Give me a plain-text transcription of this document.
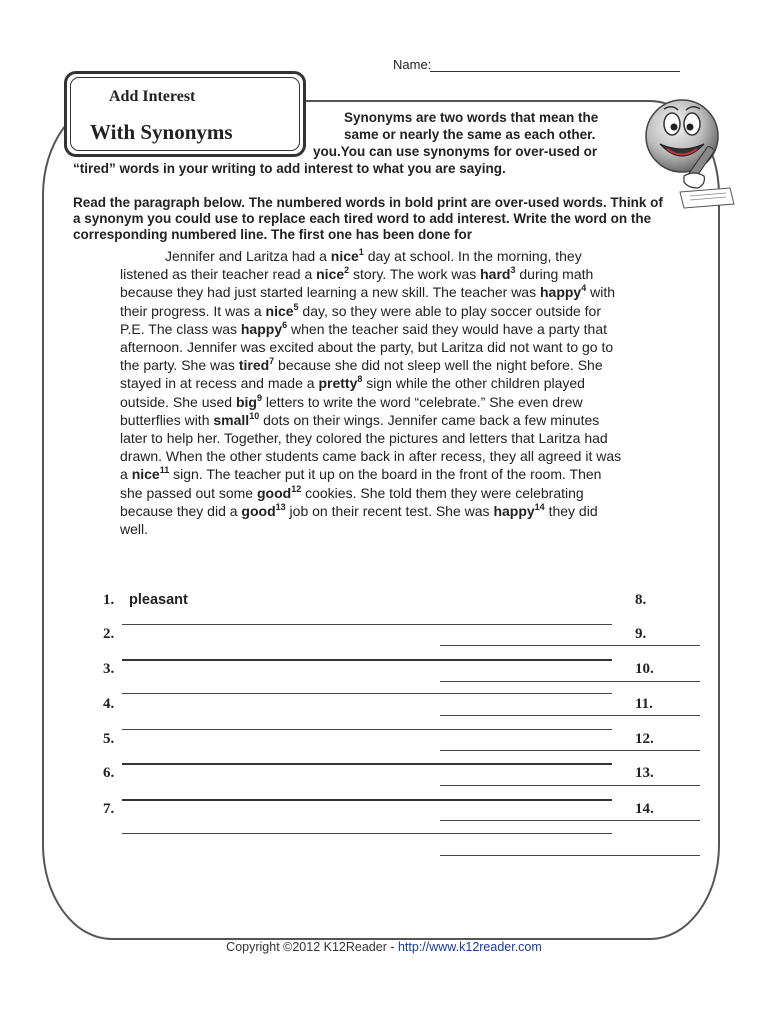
Name:
Add Interest
With Synonyms
Synonyms are two words that mean the
same or nearly the same as each other.
you.You can use synonyms for over-used or
“tired” words in your writing to add interest to what you are saying.
Read the paragraph below. The numbered words in bold print are over-used words. Think of a synonym you could use to replace each tired word to add interest. Write the word on the corresponding numbered line. The first one has been done for
Jennifer and Laritza had a nice$^1$ day at school. In the morning, they
listened as their teacher read a nice$^2$ story. The work was hard$^3$ during math
because they had just started learning a new skill. The teacher was happy$^4$ with
their progress. It was a nice$^5$ day, so they were able to play soccer outside for
P.E. The class was happy$^6$ when the teacher said they would have a party that
afternoon. Jennifer was excited about the party, but Laritza did not want to go to
the party. She was tired$^7$ because she did not sleep well the night before. She
stayed in at recess and made a pretty$^8$ sign while the other children played
outside. She used big$^9$ letters to write the word “celebrate.” She even drew
butterflies with small$^{10}$ dots on their wings. Jennifer came back a few minutes
later to help her. Together, they colored the pictures and letters that Laritza had
drawn. When the other students came back in after recess, they all agreed it was
a nice$^{11}$ sign. The teacher put it up on the board in the front of the room. Then
she passed out some good$^{12}$ cookies. She told them they were celebrating
because they did a good$^{13}$ job on their recent test. She was happy$^{14}$ they did
well.
1. pleasant
2.
3.
4.
5.
6.
7.
8.
9.
10.
11.
12.
13.
14.
Copyright ©2012 K12Reader - http://www.k12reader.com
